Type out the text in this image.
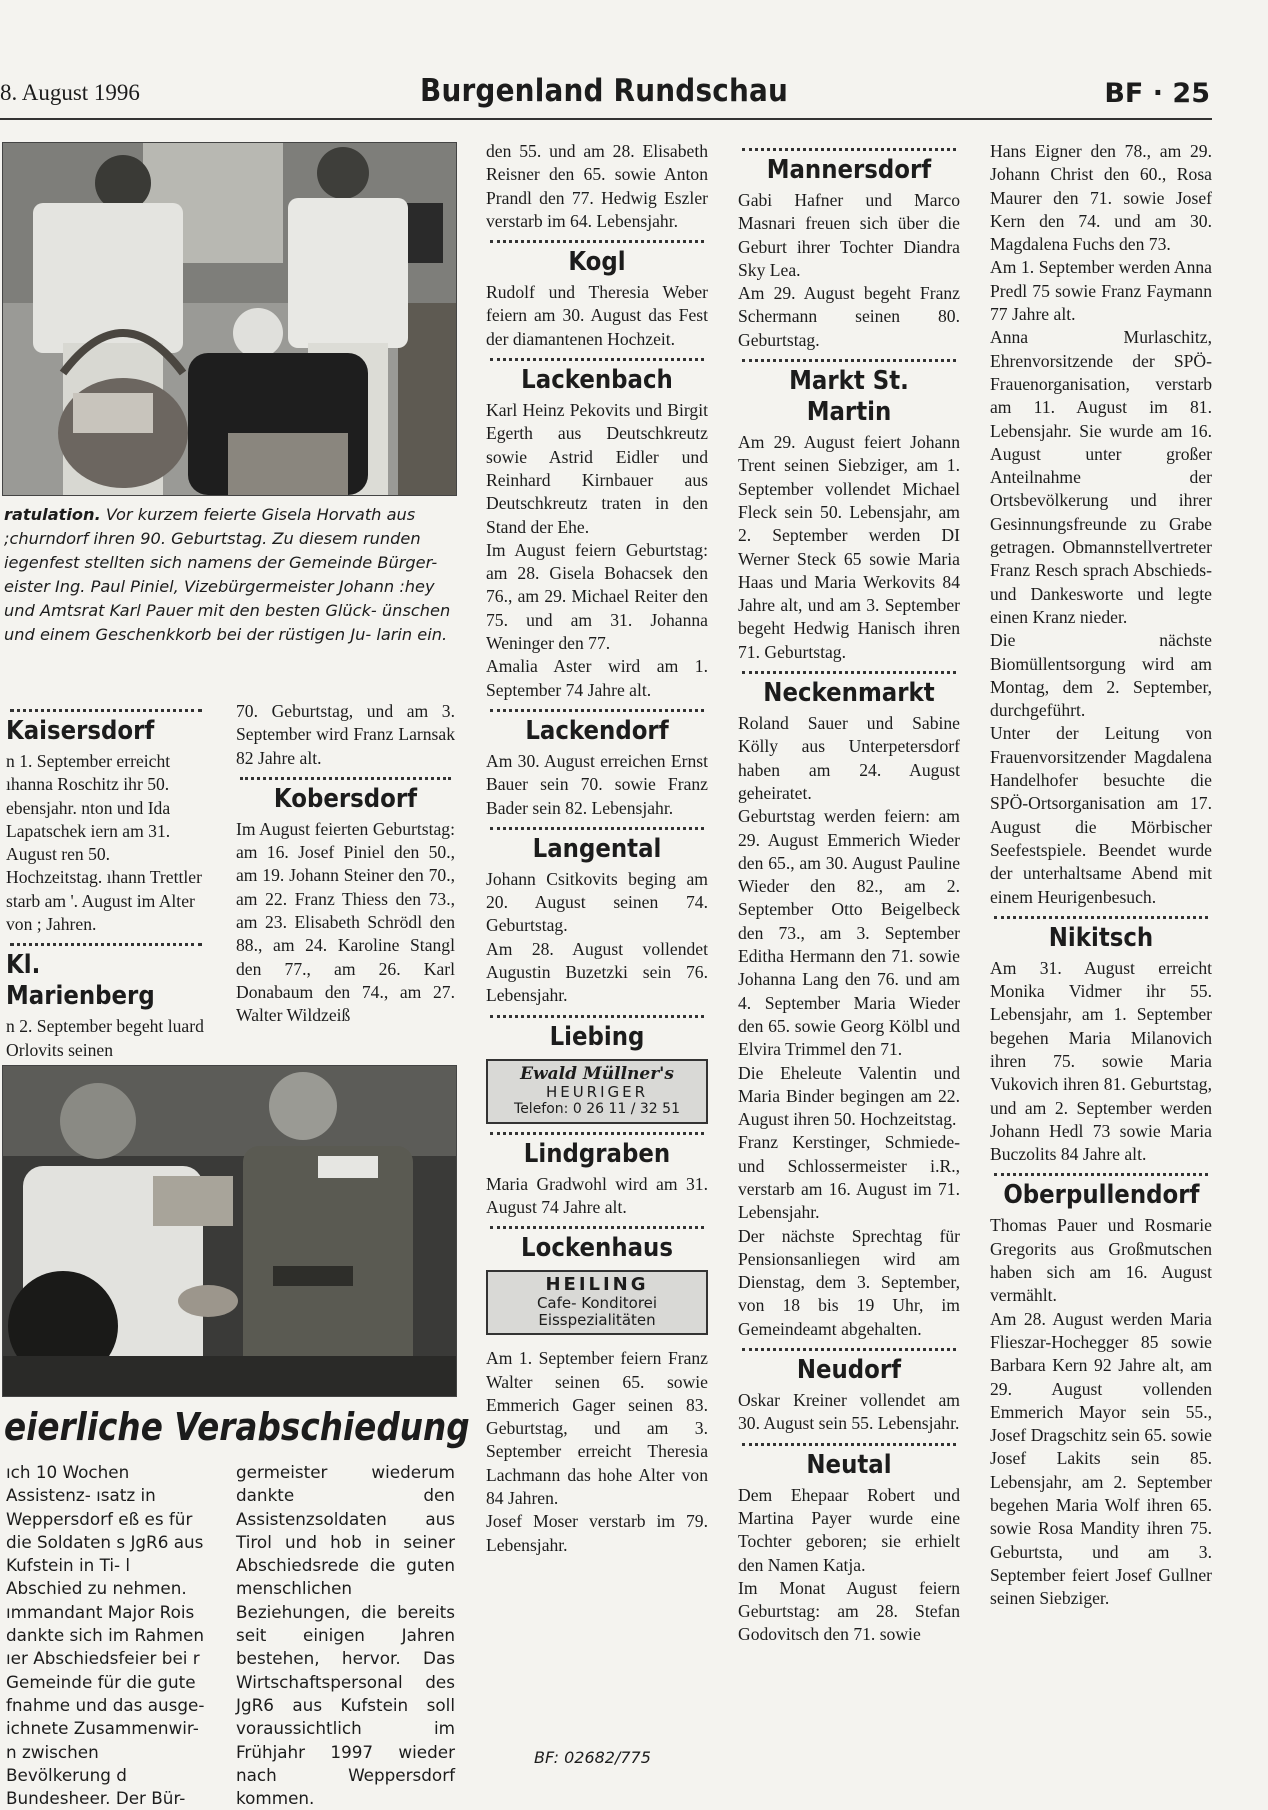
8. August 1996	Burgenland Rundschau	BF · 25
ratulation. Vor kurzem feierte Gisela Horvath aus ;churndorf ihren 90. Geburtstag. Zu diesem runden iegenfest stellten sich namens der Gemeinde Bürger- eister Ing. Paul Piniel, Vizebürgermeister Johann :hey und Amtsrat Karl Pauer mit den besten Glück- ünschen und einem Geschenkkorb bei der rüstigen Ju- larin ein.
Kaisersdorf

n 1. September erreicht ıhanna Roschitz ihr 50. ebensjahr. nton und Ida Lapatschek iern am 31. August ren 50. Hochzeitstag. ıhann Trettler starb am '. August im Alter von ; Jahren.

Kl. Marienberg

n 2. September begeht luard Orlovits seinen

70. Geburtstag, und am 3. September wird Franz Larnsak 82 Jahre alt.

Kobersdorf

Im August feierten Geburtstag: am 16. Josef Piniel den 50., am 19. Johann Steiner den 70., am 22. Franz Thiess den 73., am 23. Elisabeth Schrödl den 88., am 24. Karoline Stangl den 77., am 26. Karl Donabaum den 74., am 27. Walter Wildzeiß

eierliche Verabschiedung

ıch 10 Wochen Assistenz- ısatz in Weppersdorf eß es für die Soldaten s JgR6 aus Kufstein in Ti- l Abschied zu nehmen. ımmandant Major Rois dankte sich im Rahmen ıer Abschiedsfeier bei r Gemeinde für die gute fnahme und das ausge- ichnete Zusammenwir- n zwischen Bevölkerung d Bundesheer. Der Bür-

germeister wiederum dankte den Assistenzsoldaten aus Tirol und hob in seiner Abschiedsrede die guten menschlichen Beziehungen, die bereits seit einigen Jahren bestehen, hervor. Das Wirtschaftspersonal des JgR6 aus Kufstein soll voraussichtlich im Frühjahr 1997 wieder nach Weppersdorf kommen.

den 55. und am 28. Elisabeth Reisner den 65. sowie Anton Prandl den 77. Hedwig Eszler verstarb im 64. Lebensjahr.

Kogl

Rudolf und Theresia Weber feiern am 30. August das Fest der diamantenen Hochzeit.

Lackenbach

Karl Heinz Pekovits und Birgit Egerth aus Deutschkreutz sowie Astrid Eidler und Reinhard Kirnbauer aus Deutschkreutz traten in den Stand der Ehe.

Im August feiern Geburtstag: am 28. Gisela Bohacsek den 76., am 29. Michael Reiter den 75. und am 31. Johanna Weninger den 77.

Amalia Aster wird am 1. September 74 Jahre alt.

Lackendorf

Am 30. August erreichen Ernst Bauer sein 70. sowie Franz Bader sein 82. Lebensjahr.

Langental

Johann Csitkovits beging am 20. August seinen 74. Geburtstag.

Am 28. August vollendet Augustin Buzetzki sein 76. Lebensjahr.

Liebing
Ewald Müllner's
HEURIGER
Telefon: 0 26 11 / 32 51
Lindgraben

Maria Gradwohl wird am 31. August 74 Jahre alt.

Lockenhaus
HEILING
Cafe- Konditorei
Eisspezialitäten

Am 1. September feiern Franz Walter seinen 65. sowie Emmerich Gager seinen 83. Geburtstag, und am 3. September erreicht Theresia Lachmann das hohe Alter von 84 Jahren.

Josef Moser verstarb im 79. Lebensjahr.

BF: 02682/775
Mannersdorf

Gabi Hafner und Marco Masnari freuen sich über die Geburt ihrer Tochter Diandra Sky Lea.

Am 29. August begeht Franz Schermann seinen 80. Geburtstag.

Markt St. Martin

Am 29. August feiert Johann Trent seinen Siebziger, am 1. September vollendet Michael Fleck sein 50. Lebensjahr, am 2. September werden DI Werner Steck 65 sowie Maria Haas und Maria Werkovits 84 Jahre alt, und am 3. September begeht Hedwig Hanisch ihren 71. Geburtstag.

Neckenmarkt

Roland Sauer und Sabine Kölly aus Unterpetersdorf haben am 24. August geheiratet.

Geburtstag werden feiern: am 29. August Emmerich Wieder den 65., am 30. August Pauline Wieder den 82., am 2. September Otto Beigelbeck den 73., am 3. September Editha Hermann den 71. sowie Johanna Lang den 76. und am 4. September Maria Wieder den 65. sowie Georg Kölbl und Elvira Trimmel den 71.

Die Eheleute Valentin und Maria Binder begingen am 22. August ihren 50. Hochzeitstag.

Franz Kerstinger, Schmiede- und Schlossermeister i.R., verstarb am 16. August im 71. Lebensjahr.

Der nächste Sprechtag für Pensionsanliegen wird am Dienstag, dem 3. September, von 18 bis 19 Uhr, im Gemeindeamt abgehalten.

Neudorf

Oskar Kreiner vollendet am 30. August sein 55. Lebensjahr.

Neutal

Dem Ehepaar Robert und Martina Payer wurde eine Tochter geboren; sie erhielt den Namen Katja.

Im Monat August feiern Geburtstag: am 28. Stefan Godovitsch den 71. sowie

Hans Eigner den 78., am 29. Johann Christ den 60., Rosa Maurer den 71. sowie Josef Kern den 74. und am 30. Magdalena Fuchs den 73.

Am 1. September werden Anna Predl 75 sowie Franz Faymann 77 Jahre alt.

Anna Murlaschitz, Ehrenvorsitzende der SPÖ-Frauenorganisation, verstarb am 11. August im 81. Lebensjahr. Sie wurde am 16. August unter großer Anteilnahme der Ortsbevölkerung und ihrer Gesinnungsfreunde zu Grabe getragen. Obmannstellvertreter Franz Resch sprach Abschieds- und Dankesworte und legte einen Kranz nieder.

Die nächste Biomüllentsorgung wird am Montag, dem 2. September, durchgeführt.

Unter der Leitung von Frauenvorsitzender Magdalena Handelhofer besuchte die SPÖ-Ortsorganisation am 17. August die Mörbischer Seefestspiele. Beendet wurde der unterhaltsame Abend mit einem Heurigenbesuch.

Nikitsch

Am 31. August erreicht Monika Vidmer ihr 55. Lebensjahr, am 1. September begehen Maria Milanovich ihren 75. sowie Maria Vukovich ihren 81. Geburtstag, und am 2. September werden Johann Hedl 73 sowie Maria Buczolits 84 Jahre alt.

Oberpullendorf

Thomas Pauer und Rosmarie Gregorits aus Großmutschen haben sich am 16. August vermählt.

Am 28. August werden Maria Flieszar-Hochegger 85 sowie Barbara Kern 92 Jahre alt, am 29. August vollenden Emmerich Mayor sein 55., Josef Dragschitz sein 65. sowie Josef Lakits sein 85. Lebensjahr, am 2. September begehen Maria Wolf ihren 65. sowie Rosa Mandity ihren 75. Geburtsta, und am 3. September feiert Josef Gullner seinen Siebziger.
